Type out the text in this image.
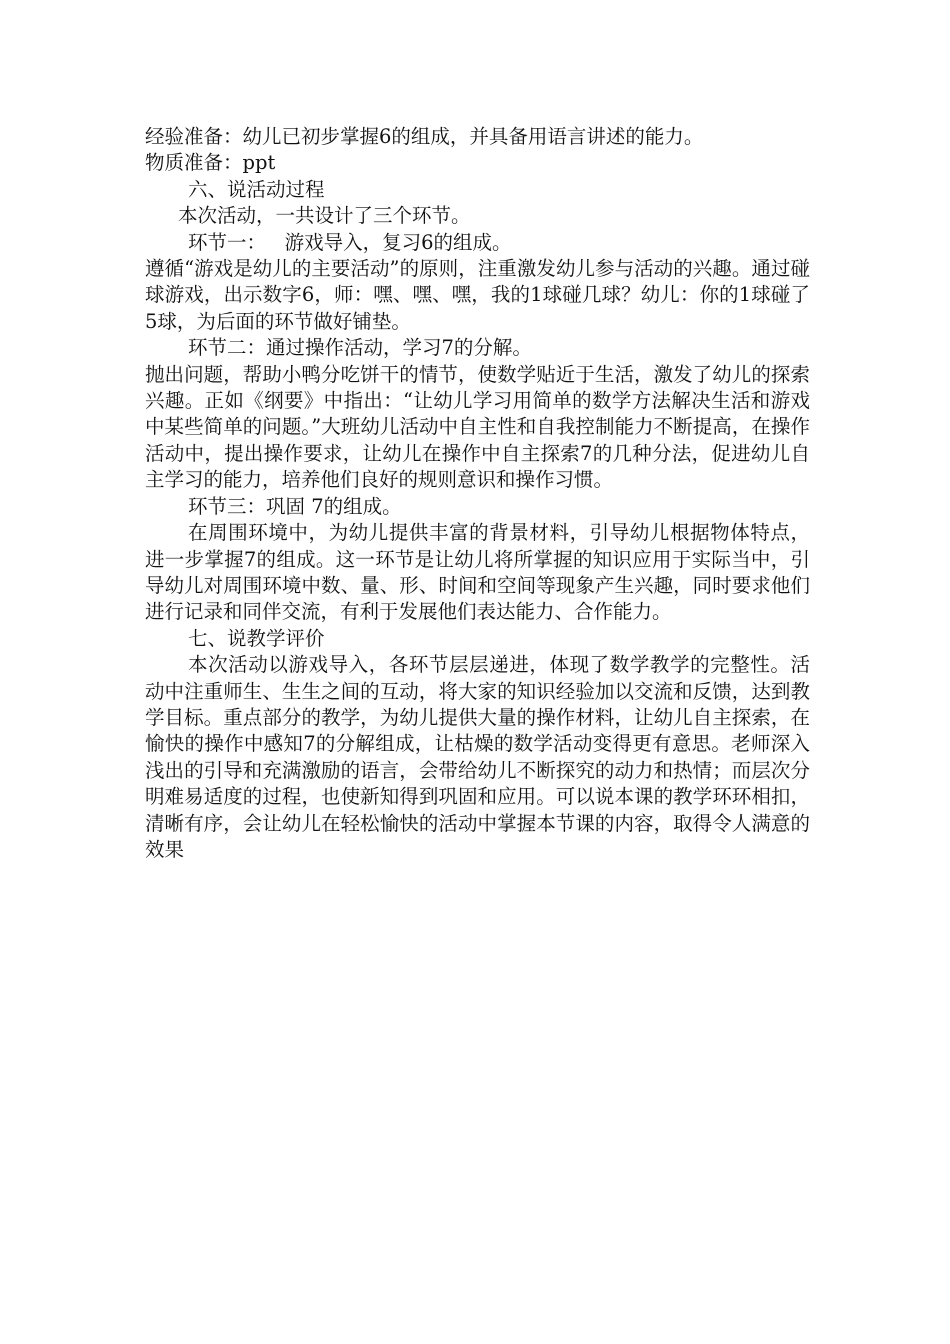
经验准备：幼儿已初步掌握6的组成，并具备用语言讲述的能力。

物质准备：ppt

六、说活动过程

本次活动，一共设计了三个环节。

环节一：   游戏导入，复习6的组成。

遵循“游戏是幼儿的主要活动”的原则，注重激发幼儿参与活动的兴趣。通过碰球游戏，出示数字6，师：嘿、嘿、嘿，我的1球碰几球？幼儿：你的1球碰了5球，为后面的环节做好铺垫。

环节二：通过操作活动，学习7的分解。

抛出问题，帮助小鸭分吃饼干的情节，使数学贴近于生活，激发了幼儿的探索兴趣。正如《纲要》中指出：“让幼儿学习用简单的数学方法解决生活和游戏中某些简单的问题。”大班幼儿活动中自主性和自我控制能力不断提高，在操作活动中，提出操作要求，让幼儿在操作中自主探索7的几种分法，促进幼儿自主学习的能力，培养他们良好的规则意识和操作习惯。

环节三：巩固 7的组成。

在周围环境中，为幼儿提供丰富的背景材料，引导幼儿根据物体特点，进一步掌握7的组成。这一环节是让幼儿将所掌握的知识应用于实际当中，引导幼儿对周围环境中数、量、形、时间和空间等现象产生兴趣，同时要求他们进行记录和同伴交流，有利于发展他们表达能力、合作能力。

七、说教学评价

本次活动以游戏导入，各环节层层递进，体现了数学教学的完整性。活动中注重师生、生生之间的互动，将大家的知识经验加以交流和反馈，达到教学目标。重点部分的教学，为幼儿提供大量的操作材料，让幼儿自主探索，在愉快的操作中感知7的分解组成，让枯燥的数学活动变得更有意思。老师深入浅出的引导和充满激励的语言，会带给幼儿不断探究的动力和热情；而层次分明难易适度的过程，也使新知得到巩固和应用。可以说本课的教学环环相扣，清晰有序，会让幼儿在轻松愉快的活动中掌握本节课的内容，取得令人满意的效果
